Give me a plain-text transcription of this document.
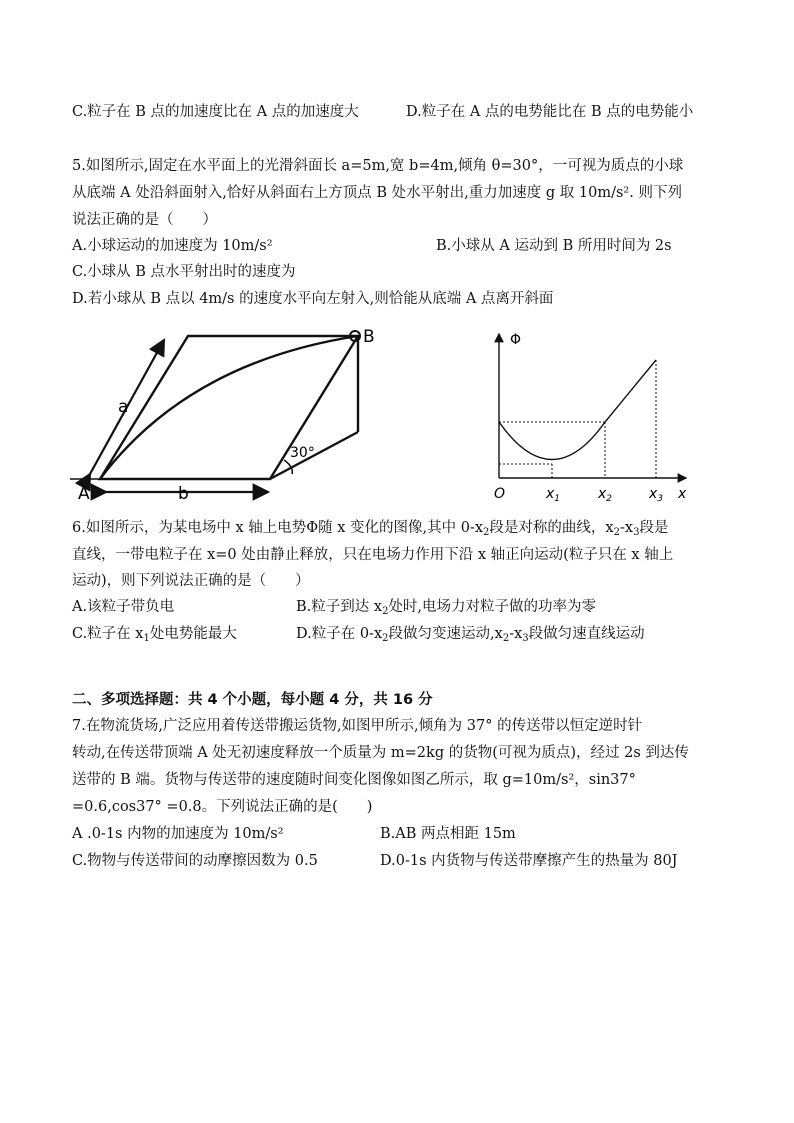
C.粒子在 B 点的加速度比在 A 点的加速度大	D.粒子在 A 点的电势能比在 B 点的电势能小
5.如图所示,固定在水平面上的光滑斜面长 a=5m,宽 b=4m,倾角 θ=30°，一可视为质点的小球
从底端 A 处沿斜面射入,恰好从斜面右上方顶点 B 处水平射出,重力加速度 g 取 10m/s². 则下列
说法正确的是（　　）
A.小球运动的加速度为 10m/s²	B.小球从 A 运动到 B 所用时间为 2s
C.小球从 B 点水平射出时的速度为
D.若小球从 B 点以 4m/s 的速度水平向左射入,则恰能从底端 A 点离开斜面
a
b
A
B
30°
Φ
O	x
$x_1$	$x_2$	$x_3$
6.如图所示，为某电场中 x 轴上电势Φ随 x 变化的图像,其中 $0-x_2$段是对称的曲线，$x_2-x_3$段是
直线，一带电粒子在 x=0 处由静止释放，只在电场力作用下沿 x 轴正向运动(粒子只在 x 轴上
运动)，则下列说法正确的是（　　）
A.该粒子带负电	B.粒子到达 $x_2$处时,电场力对粒子做的功率为零
C.粒子在 $x_1$处电势能最大	D.粒子在 $0-x_2$段做匀变速运动$,x_2-x_3$段做匀速直线运动
二、多项选择题：共 4 个小题，每小题 4 分，共 16 分
7.在物流货场,广泛应用着传送带搬运货物,如图甲所示,倾角为 37° 的传送带以恒定逆时针
转动,在传送带顶端 A 处无初速度释放一个质量为 m=2kg 的货物(可视为质点)，经过 2s 到达传
送带的 B 端。货物与传送带的速度随时间变化图像如图乙所示，取 g=10m/s²，sin37°
=0.6,cos37° =0.8。下列说法正确的是(　　)
A .0-1s 内物的加速度为 10m/s²	B.AB 两点相距 15m
C.物物与传送带间的动摩擦因数为 0.5	D.0-1s 内货物与传送带摩擦产生的热量为 80J
